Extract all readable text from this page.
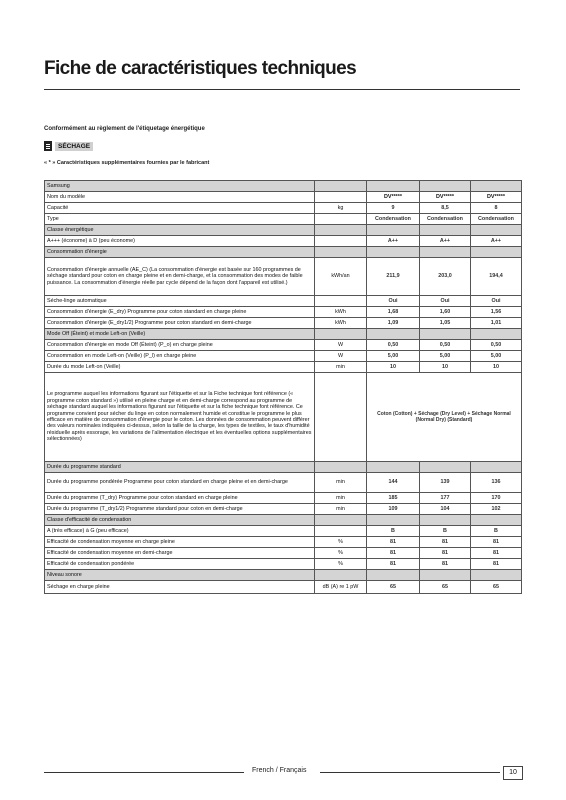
Fiche de caractéristiques techniques
Conformément au règlement de l'étiquetage énergétique
SÉCHAGE
« * » Caractéristiques supplémentaires fournies par le fabricant
Samsung				
Nom du modèle		DV*****	DV*****	DV*****
Capacité	kg	9	8,5	8
Type		Condensation	Condensation	Condensation
Classe énergétique				
A+++ (économe) à D (peu économe)		A++	A++	A++
Consommation d'énergie				
Consommation d'énergie annuelle (AE_C) (La consommation d'énergie est basée sur 160 programmes de séchage standard pour coton en charge pleine et en demi-charge, et la consommation des modes de faible puissance. La consommation d'énergie réelle par cycle dépend de la façon dont l'appareil est utilisé.)	kWh/an	211,9	203,0	194,4
Séche-linge automatique		Oui	Oui	Oui
Consommation d'énergie (E_dry) Programme pour coton standard en charge pleine	kWh	1,68	1,60	1,56
Consommation d'énergie (E_dry1/2) Programme pour coton standard en demi-charge	kWh	1,09	1,05	1,01
Mode Off (Éteint) et mode Left-on (Veille)				
Consommation d'énergie en mode Off (Éteint) (P_o) en charge pleine	W	0,50	0,50	0,50
Consommation en mode Left-on (Veille) (P_l) en charge pleine	W	5,00	5,00	5,00
Durée du mode Left-on (Veille)	min	10	10	10
Le programme auquel les informations figurant sur l'étiquette et sur la Fiche technique font référence (« programme coton standard ») utilisé en pleine charge et en demi-charge correspond au programme de séchage standard auquel les informations figurant sur l'étiquette et sur la fiche technique font référence. Ce programme convient pour sécher du linge en coton normalement humide et constitue le programme le plus efficace en matière de consommation d'énergie pour le coton. Les données de consommation peuvent différer des valeurs nominales indiquées ci-dessus, selon la taille de la charge, les types de textiles, le taux d'humidité résiduelle après essorage, les variations de l'alimentation électrique et les éventuelles options supplémentaires sélectionnées)		Coton (Cotton) + Séchage (Dry Level) + Séchage Normal (Normal Dry) (Standard)		
Durée du programme standard				
Durée du programme pondérée Programme pour coton standard en charge pleine et en demi-charge	min	144	139	136
Durée du programme (T_dry) Programme pour coton standard en charge pleine	min	185	177	170
Durée du programme (T_dry1/2) Programme standard pour coton en demi-charge	min	109	104	102
Classe d'efficacité de condensation				
A (très efficace) à G (peu efficace)		B	B	B
Efficacité de condensation moyenne en charge pleine	%	81	81	81
Efficacité de condensation moyenne en demi-charge	%	81	81	81
Efficacité de condensation pondérée	%	81	81	81
Niveau sonore				
Séchage en charge pleine	dB (A) re 1 pW	65	65	65
French / Français	10
